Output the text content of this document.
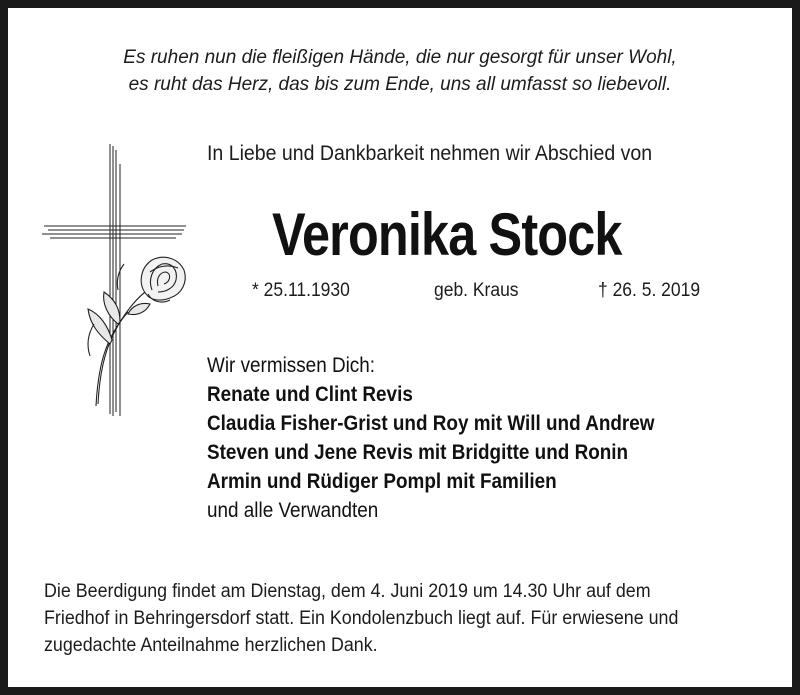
Es ruhen nun die fleißigen Hände, die nur gesorgt für unser Wohl,
es ruht das Herz, das bis zum Ende, uns all umfasst so liebevoll.
In Liebe und Dankbarkeit nehmen wir Abschied von
Veronika Stock
* 25.11.1930	geb. Kraus	† 26. 5. 2019
Wir vermissen Dich:
Renate und Clint Revis
Claudia Fisher-Grist und Roy mit Will und Andrew
Steven und Jene Revis mit Bridgitte und Ronin
Armin und Rüdiger Pompl mit Familien
und alle Verwandten
Die Beerdigung findet am Dienstag, dem 4. Juni 2019 um 14.30 Uhr auf dem
Friedhof in Behringersdorf statt. Ein Kondolenzbuch liegt auf. Für erwiesene und
zugedachte Anteilnahme herzlichen Dank.
